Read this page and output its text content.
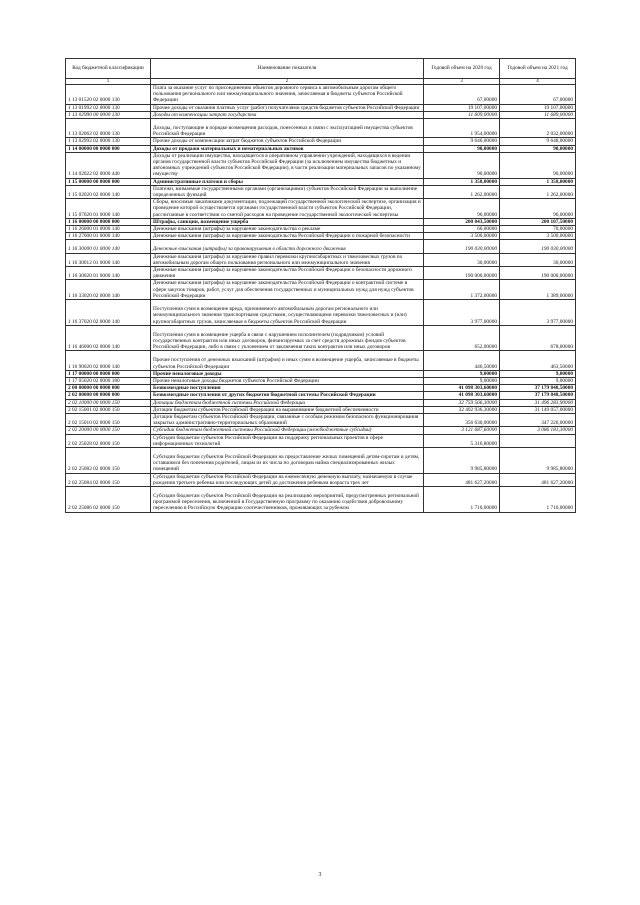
Код бюджетной классификации	Наименование показателя	Годовой объем на 2020 год	Годовой объем на 2021 год
1	2	3	4
1 13 01520 02 0000 130	Плата за оказание услуг по присоединению объектов дорожного сервиса к автомобильным дорогам общего пользования регионального или межмуниципального значения, зачисляемая в бюджеты субъектов Российской Федерации	67,00000	67,00000
1 13 01992 02 0000 130	Прочие доходы от оказания платных услуг (работ) получателями средств бюджетов субъектов Российской Федерации	19 107,00000	19 107,00000
1 13 02990 00 0000 130	Доходы от компенсации затрат государства	11 609,00000	11 689,00000
1 13 02062 02 0000 130	Доходы, поступающие в порядке возмещения расходов, понесенных в связи с эксплуатацией имущества субъектов Российской Федерации	1 954,00000	2 032,00000
1 13 02992 02 0000 130	Прочие доходы от компенсации затрат бюджетов субъектов Российской Федерации	9 646,00000	9 648,00000
1 14 00000 00 0000 000	Доходы от продажи материальных и нематериальных активов	90,00000	90,00000
1 14 02022 02 0000 440	Доходы от реализации имущества, находящегося в оперативном управлении учреждений, находящихся в ведении органов государственной власти субъектов Российской Федерации (за исключением имущества бюджетных и автономных учреждений субъектов Российской Федерации), в части реализации материальных запасов по указанному имуществу	90,00000	90,00000
1 15 00000 00 0000 000	Административные платежи и сборы	1 358,00000	1 358,00000
1 15 02020 02 0000 140	Платежи, взимаемые государственными органами (организациями) субъектов Российской Федерации за выполнение определенных функций	1 262,00000	1 262,00000
1 15 07020 01 0000 140	Сборы, вносимые заказчиками документации, подлежащей государственной экологической экспертизе, организация и проведение которой осуществляется органами государственной власти субъектов Российской Федерации, рассчитанные в соответствии со сметой расходов на проведение государственной экологической экспертизы	96,00000	96,00000
1 16 00000 00 0000 000	Штрафы, санкции, возмещение ущерба	200 043,50000	200 107,50000
1 16 26000 01 0000 140	Денежные взыскания (штрафы) за нарушение законодательства о рекламе	66,00000	70,00000
1 16 27000 01 0000 140	Денежные взыскания (штрафы) за нарушение законодательства Российской Федерации о пожарной безопасности	3 500,00000	3 500,00000
1 16 30000 01 0000 140	Денежные взыскания (штрафы) за правонарушения в области дорожного движения	190 030,00000	190 030,00000
1 16 30012 01 0000 140	Денежные взыскания (штрафы) за нарушение правил перевозки крупногабаритных и тяжеловесных грузов по автомобильным дорогам общего пользования регионального или межмуниципального значения	30,00000	30,00000
1 16 30020 01 0000 140	Денежные взыскания (штрафы) за нарушение законодательства Российской Федерации о безопасности дорожного движения	190 000,00000	190 000,00000
1 16 33020 02 0000 140	Денежные взыскания (штрафы) за нарушение законодательства Российской Федерации о контрактной системе в сфере закупок товаров, работ, услуг для обеспечения государственных и муниципальных нужд для нужд субъектов Российской Федерации	1 372,00000	1 389,00000
1 16 37020 02 0000 140	Поступления сумм в возмещение вреда, причиняемого автомобильным дорогам регионального или межмуниципального значения транспортными средствами, осуществляющими перевозки тяжеловесных и (или) крупногабаритных грузов, зачисляемые в бюджеты субъектов Российской Федерации	3 977,00000	3 977,00000
1 16 46000 02 0000 140	Поступления сумм в возмещение ущерба в связи с нарушением исполнителем (подрядчиком) условий государственных контрактов или иных договоров, финансируемых за счет средств дорожных фондов субъектов Российской Федерации, либо в связи с уклонением от заключения таких контрактов или иных договоров	652,00000	678,00000
1 16 90020 02 0000 140	Прочие поступления от денежных взысканий (штрафов) и иных сумм в возмещение ущерба, зачисляемые в бюджеты субъектов Российской Федерации	446,50000	463,50000
1 17 00000 00 0000 000	Прочие неналоговые доходы	9,00000	9,00000
1 17 05020 02 0000 180	Прочие неналоговые доходы бюджетов субъектов Российской Федерации	9,00000	9,00000
2 00 00000 00 0000 000	Безвозмездные поступления	41 098 303,60000	37 179 848,50000
2 02 00000 00 0000 000	Безвозмездные поступления от других бюджетов бюджетной системы Российской Федерации	41 098 303,60000	37 179 848,50000
2 02 10000 00 0000 150	Дотации бюджетам бюджетной системы Российской Федерации	32 759 566,30000	31 496 283,90000
2 02 15001 02 0000 150	Дотации бюджетам субъектов Российской Федерации на выравнивание бюджетной обеспеченности	32 402 936,30000	31 149 057,00000
2 02 15010 02 0000 150	Дотации бюджетам субъектов Российской Федерации, связанные с особым режимом безопасного функционирования закрытых административно-территориальных образований	356 630,00000	347 226,00000
2 02 20000 00 0000 150	Субсидии бюджетам бюджетной системы Российской Федерации (межбюджетные субсидии)	3 121 687,60000	3 086 181,30000
2 02 25028 02 0000 150	Субсидии бюджетам субъектов Российской Федерации на поддержку региональных проектов в сфере информационных технологий	5 316,80000	
2 02 25082 02 0000 150	Субсидии бюджетам субъектов Российской Федерации на предоставление жилых помещений детям-сиротам и детям, оставшимся без попечения родителей, лицам из их числа по договорам найма специализированных жилых помещений	9 985,80000	9 985,80000
2 02 25084 02 0000 150	Субсидии бюджетам субъектов Российской Федерации на ежемесячную денежную выплату, назначаемую в случае рождения третьего ребенка или последующих детей до достижения ребенком возраста трех лет	481 627,20000	481 627,20000
2 02 25086 02 0000 150	Субсидии бюджетам субъектов Российской Федерации на реализацию мероприятий, предусмотренных региональной программой переселения, включенной в Государственную программу по оказанию содействия добровольному переселению в Российскую Федерацию соотечественников, проживающих за рубежом	1 710,00000	1 710,00000
3
